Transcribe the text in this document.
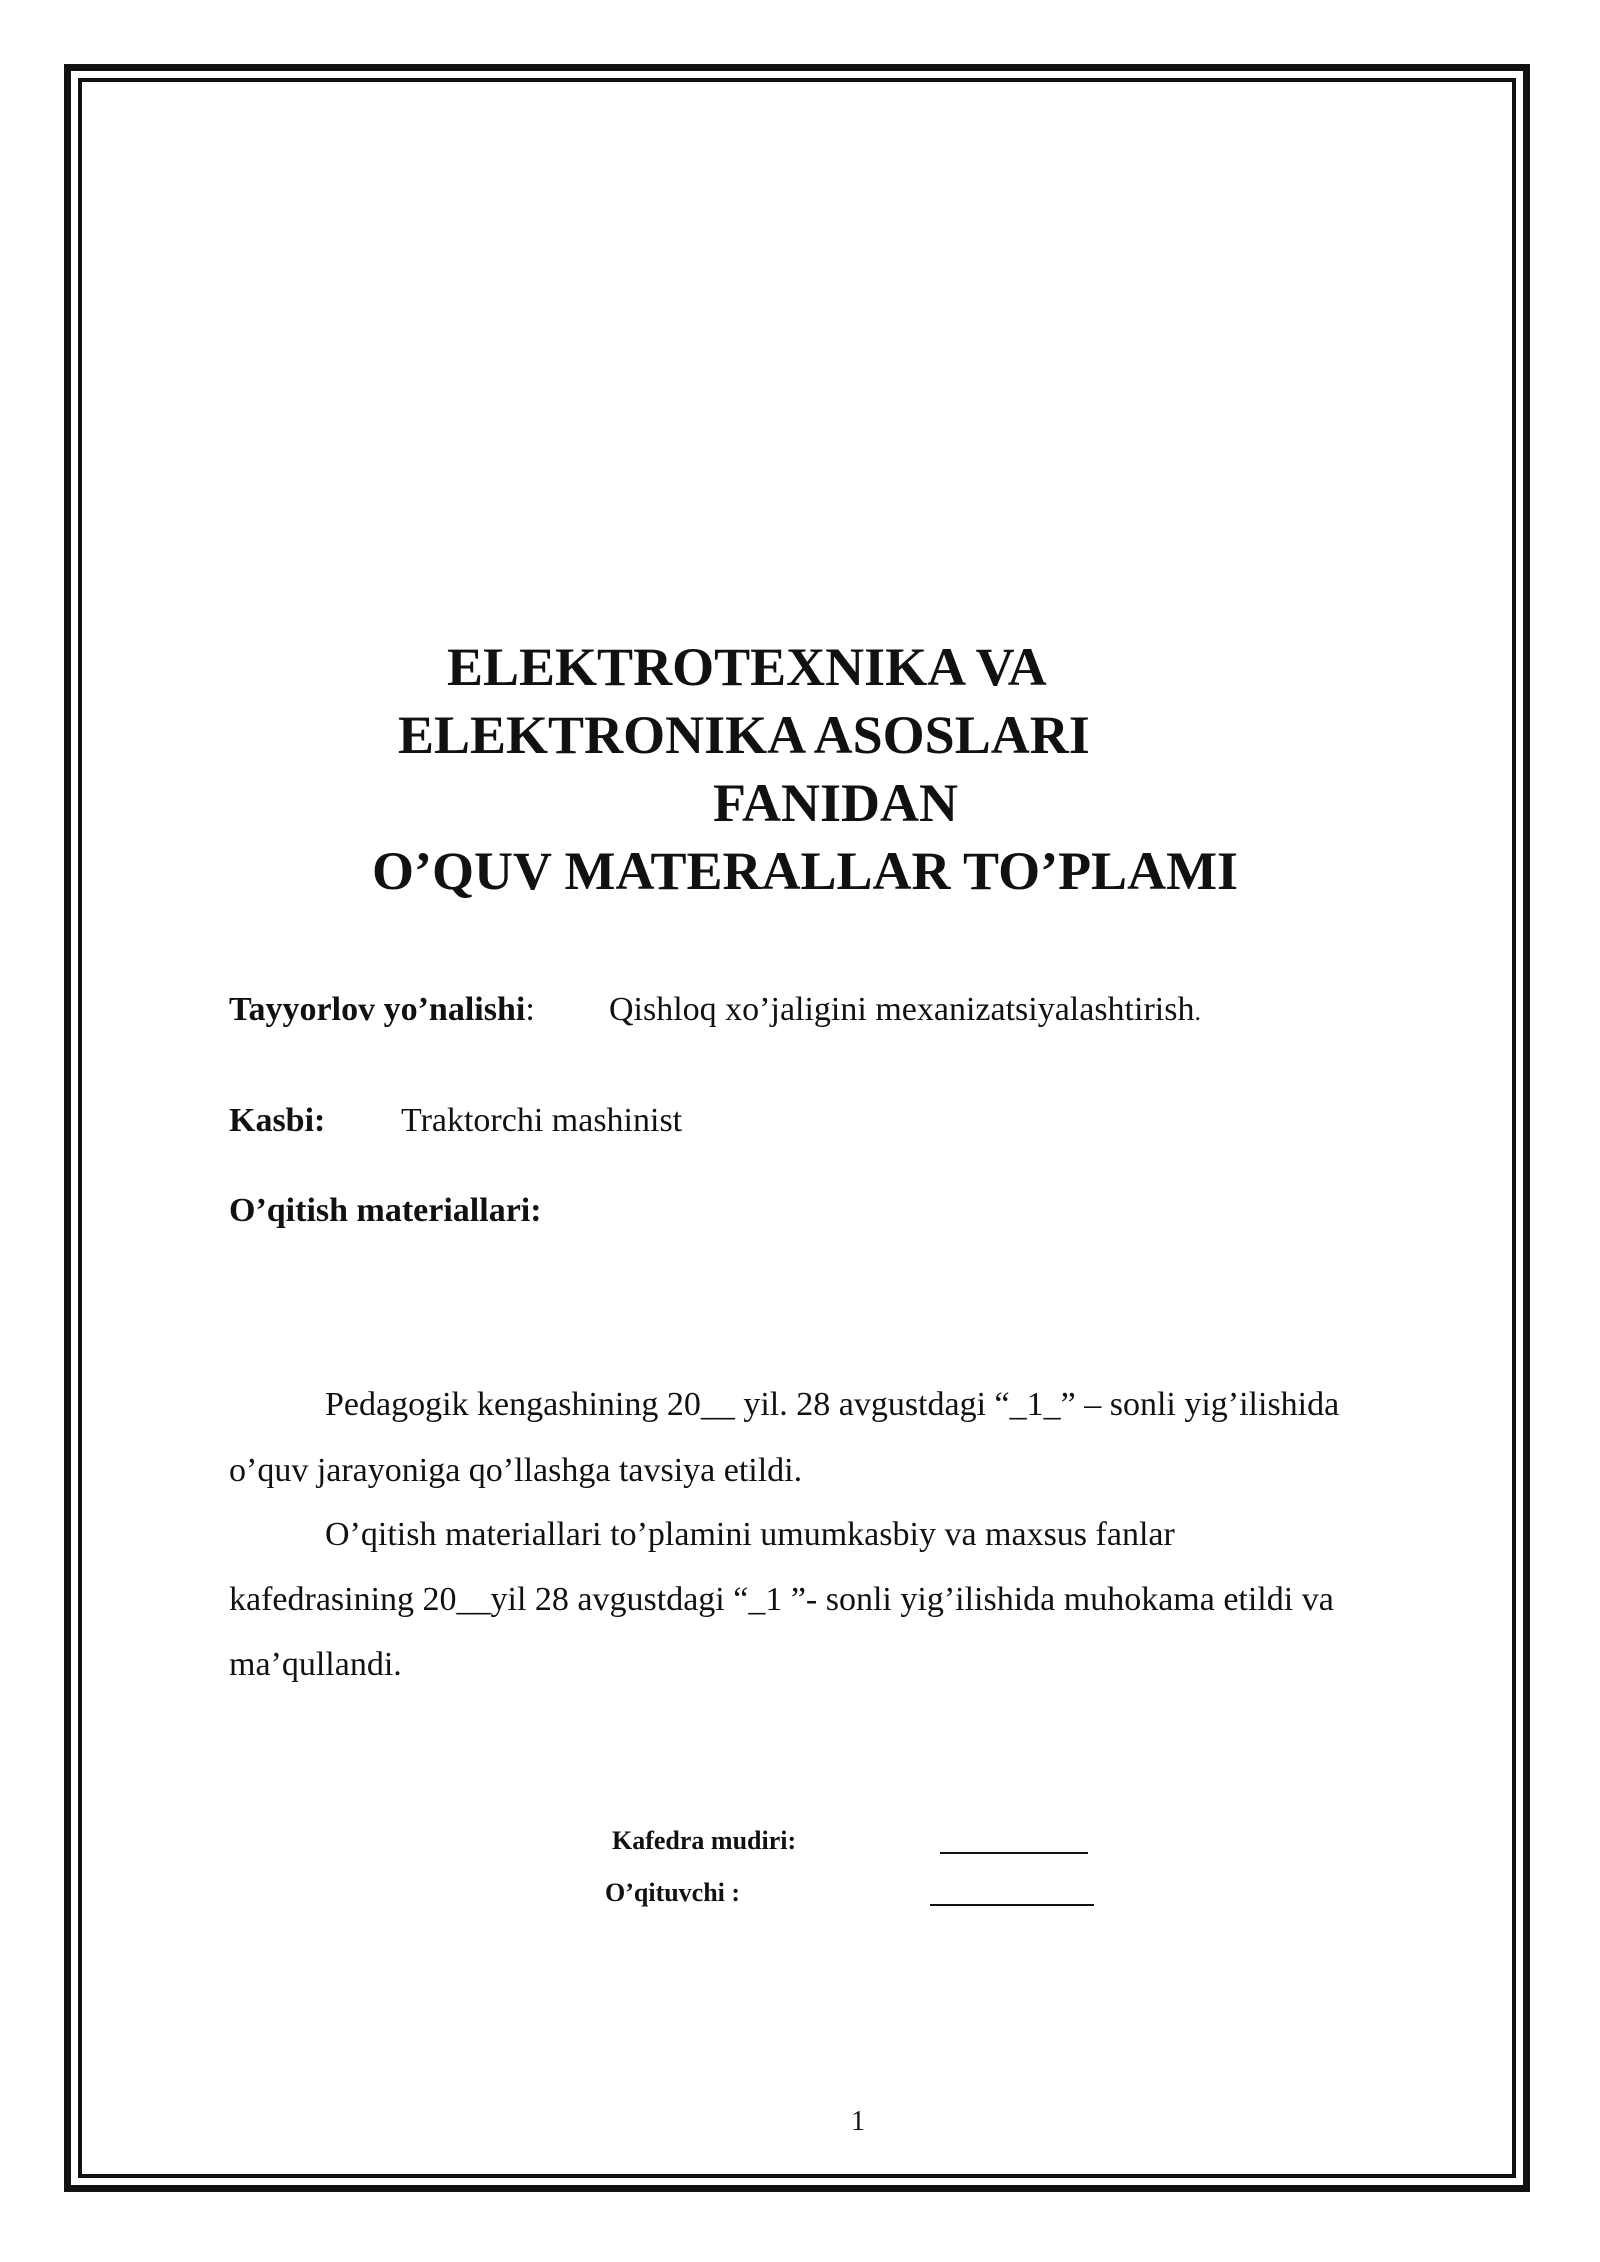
ELEKTROTEXNIKA VA
ELEKTRONIKA ASOSLARI
FANIDAN
O’QUV MATERALLAR TO’PLAMI
Tayyorlov yo’nalishi: Qishloq xo’jaligini mexanizatsiyalashtirish.
Kasbi: Traktorchi mashinist
O’qitish materiallari:
Pedagogik kengashining 20__ yil. 28 avgustdagi “_1_” – sonli yig’ilishida
o’quv jarayoniga qo’llashga tavsiya etildi.
O’qitish materiallari to’plamini umumkasbiy va maxsus fanlar
kafedrasining 20__yil 28 avgustdagi “_1 ”- sonli yig’ilishida muhokama etildi va
ma’qullandi.
Kafedra mudiri:
O’qituvchi :
1
